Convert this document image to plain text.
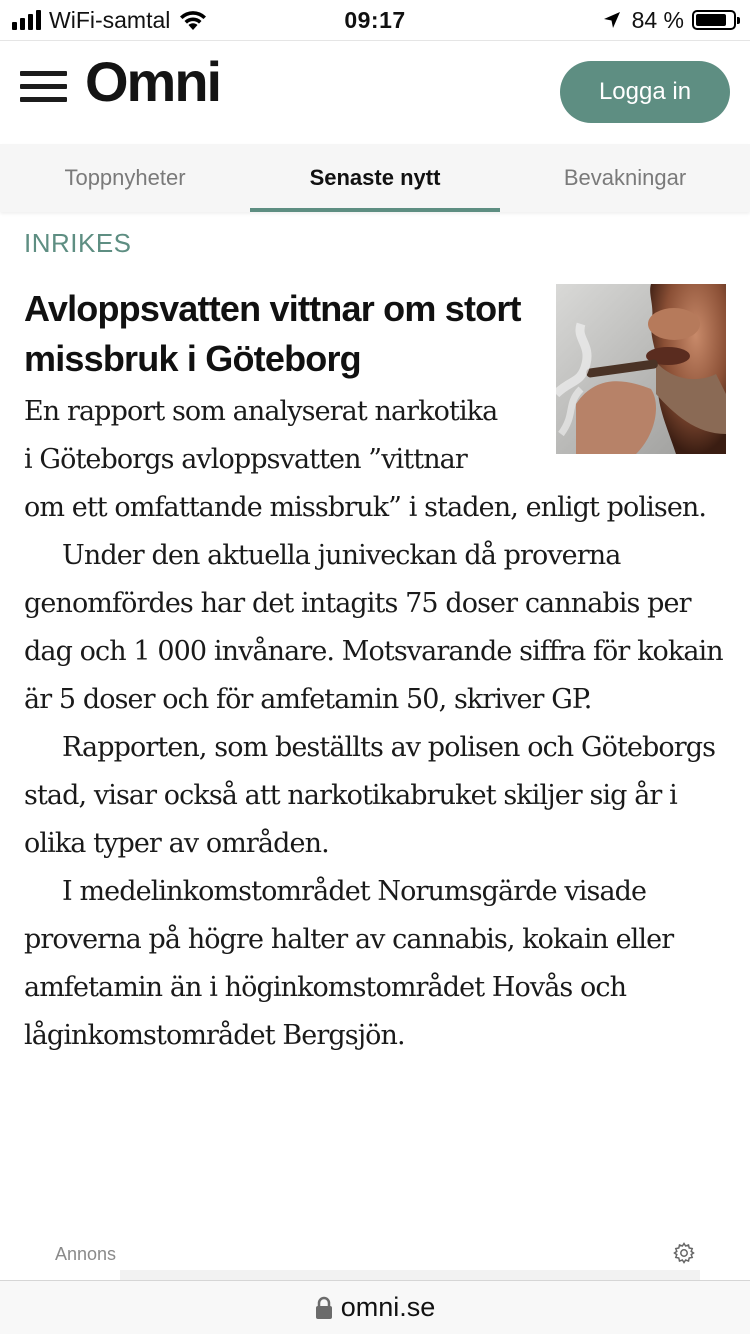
WiFi-samtal	09:17	84 %
Omni	Logga in
Toppnyheter	Senaste nytt	Bevakningar
INRIKES
Avloppsvatten vittnar om stort missbruk i Göteborg

En rapport som analyserat narkotika
i Göteborgs avloppsvatten ”vittnar
om ett omfattande missbruk” i staden, enligt polisen.

Under den aktuella juniveckan då proverna genomfördes har det intagits 75 doser cannabis per dag och 1 000 invånare. Motsvarande siffra för kokain är 5 doser och för amfetamin 50, skriver GP.

Rapporten, som beställts av polisen och Göteborgs stad, visar också att narkotikabruket skiljer sig år i olika typer av områden.

I medelinkomstområdet Norumsgärde visade proverna på högre halter av cannabis, kokain eller amfetamin än i höginkomstområdet Hovås och låginkomstområdet Bergsjön.

Annons
omni.se
